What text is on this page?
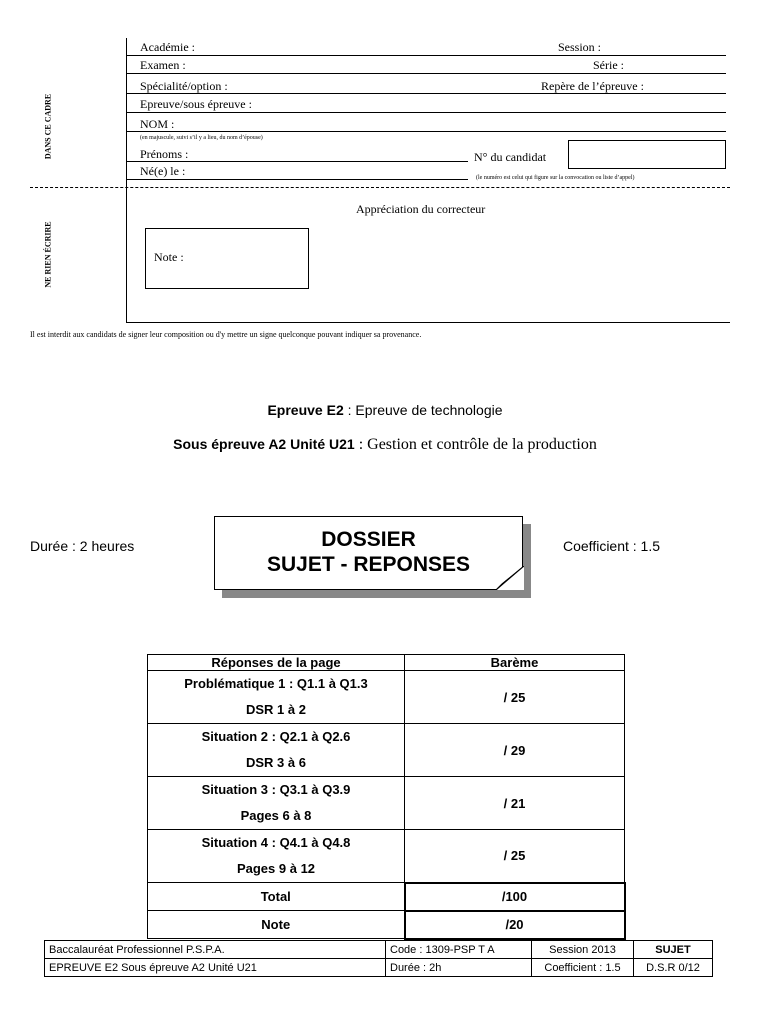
DANS CE CADRE
NE RIEN ÉCRIRE
Académie :	Session :
Examen :	Série :
Spécialité/option :	Repère de l’épreuve :
Epreuve/sous épreuve :
NOM :
(en majuscule, suivi s’il y a lieu, du nom d’épouse)
Prénoms :	N° du candidat
Né(e) le :	(le numéro est celui qui figure sur la convocation ou liste d’appel)
Appréciation du correcteur
Note :
Il est interdit aux candidats de signer leur composition ou d'y mettre un signe quelconque pouvant indiquer sa provenance.
Epreuve E2 : Epreuve de technologie
Sous épreuve A2 Unité U21 : Gestion et contrôle de la production
Durée : 2 heures	Coefficient : 1.5
DOSSIER
SUJET - REPONSES
Réponses de la page	Barème

Problématique 1 : Q1.1 à Q1.3
DSR 1 à 2	/ 25

Situation 2 : Q2.1 à Q2.6
DSR 3 à 6	/ 29

Situation 3 : Q3.1 à Q3.9
Pages 6 à 8	/ 21

Situation 4 : Q4.1 à Q4.8
Pages 9 à 12	/ 25
Total	/100
Note	/20
Baccalauréat Professionnel P.S.P.A.	Code : 1309-PSP T A	Session 2013	SUJET
EPREUVE E2 Sous épreuve A2 Unité U21	Durée : 2h	Coefficient : 1.5	D.S.R 0/12
